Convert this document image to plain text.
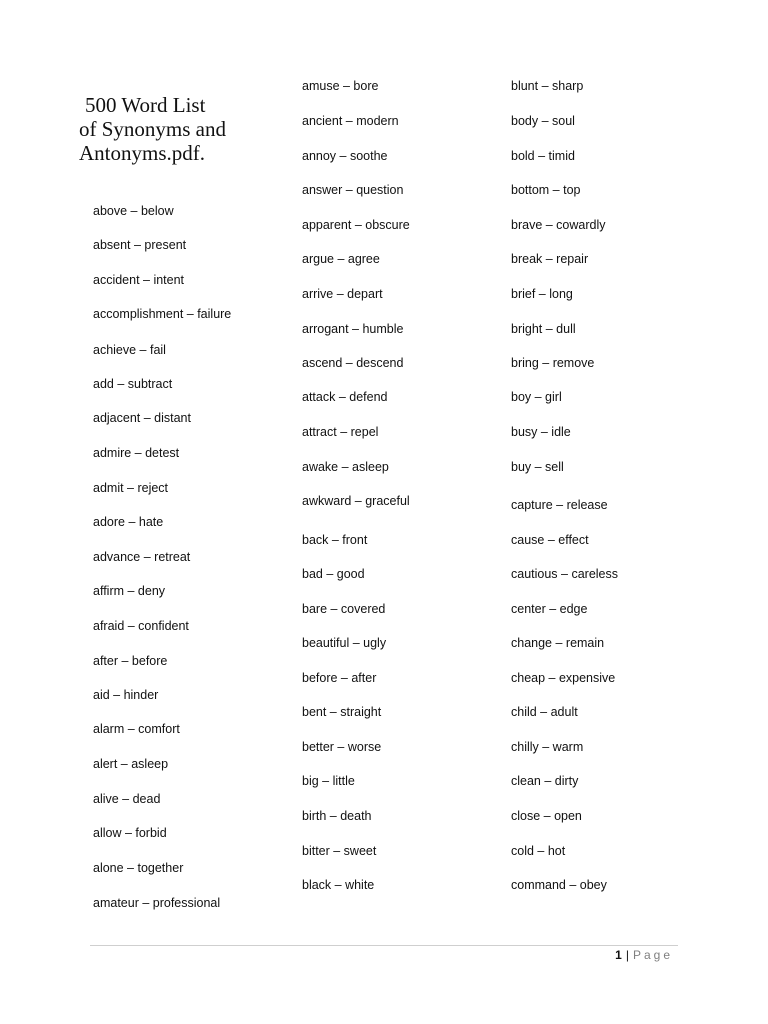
500 Word List
of Synonyms and
Antonyms.pdf.
above – below
absent – present
accident – intent
accomplishment – failure
achieve – fail
add – subtract
adjacent – distant
admire – detest
admit – reject
adore – hate
advance – retreat
affirm – deny
afraid – confident
after – before
aid – hinder
alarm – comfort
alert – asleep
alive – dead
allow – forbid
alone – together
amateur – professional
amuse – bore
ancient – modern
annoy – soothe
answer – question
apparent – obscure
argue – agree
arrive – depart
arrogant – humble
ascend – descend
attack – defend
attract – repel
awake – asleep
awkward – graceful
back – front
bad – good
bare – covered
beautiful – ugly
before – after
bent – straight
better – worse
big – little
birth – death
bitter – sweet
black – white
blunt – sharp
body – soul
bold – timid
bottom – top
brave – cowardly
break – repair
brief – long
bright – dull
bring – remove
boy – girl
busy – idle
buy – sell
capture – release
cause – effect
cautious – careless
center – edge
change – remain
cheap – expensive
child – adult
chilly – warm
clean – dirty
close – open
cold – hot
command – obey
1 | Page
